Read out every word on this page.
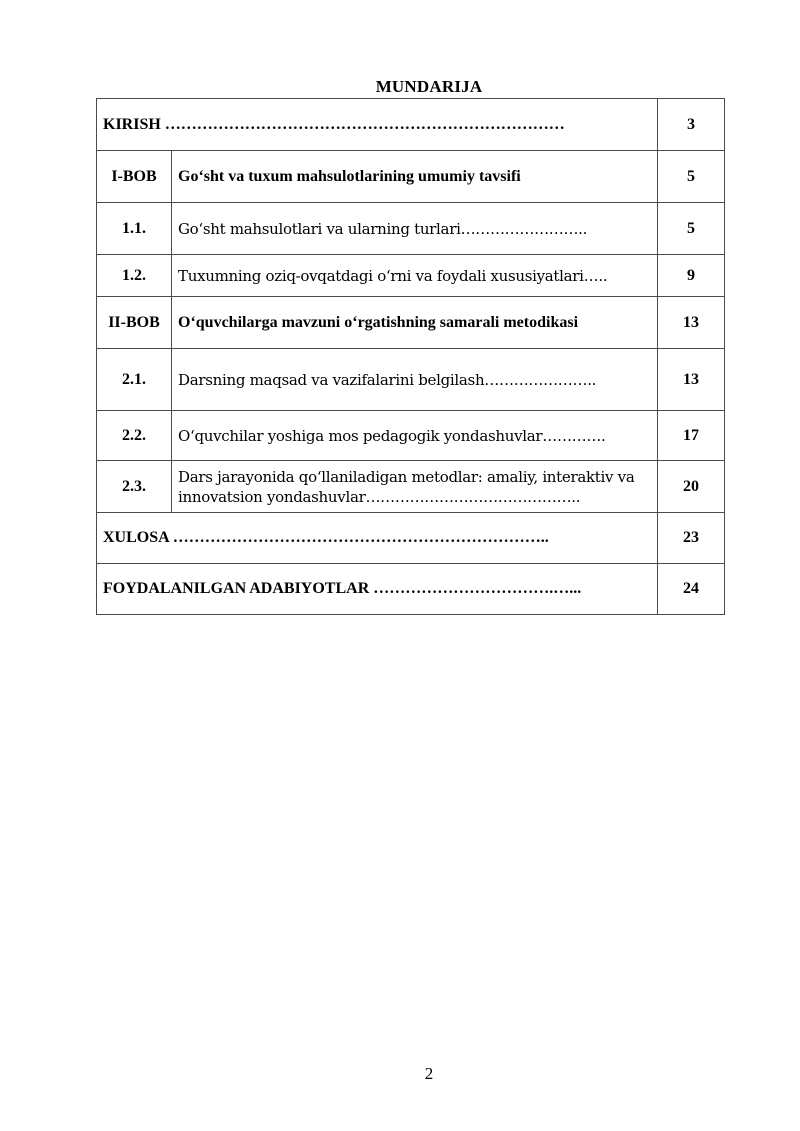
MUNDARIJA
KIRISH …………………………………………………………………		3
I-BOB	Go‘sht va tuxum mahsulotlarining umumiy tavsifi	5
1.1.	Go‘sht mahsulotlari va ularning turlari……………………..	5
1.2.	Tuxumning oziq-ovqatdagi o‘rni va foydali xususiyatlari…..	9
II-BOB	O‘quvchilarga mavzuni o‘rgatishning samarali metodikasi	13
2.1.	Darsning maqsad va vazifalarini belgilash…………………..	13
2.2.	O‘quvchilar yoshiga mos pedagogik yondashuvlar………….	17
2.3.	Dars jarayonida qo‘llaniladigan metodlar: amaliy, interaktiv va innovatsion yondashuvlar……………………………………..	20
XULOSA ……………………………………………………………..		23
FOYDALANILGAN ADABIYOTLAR …………………………….…...		24
2
